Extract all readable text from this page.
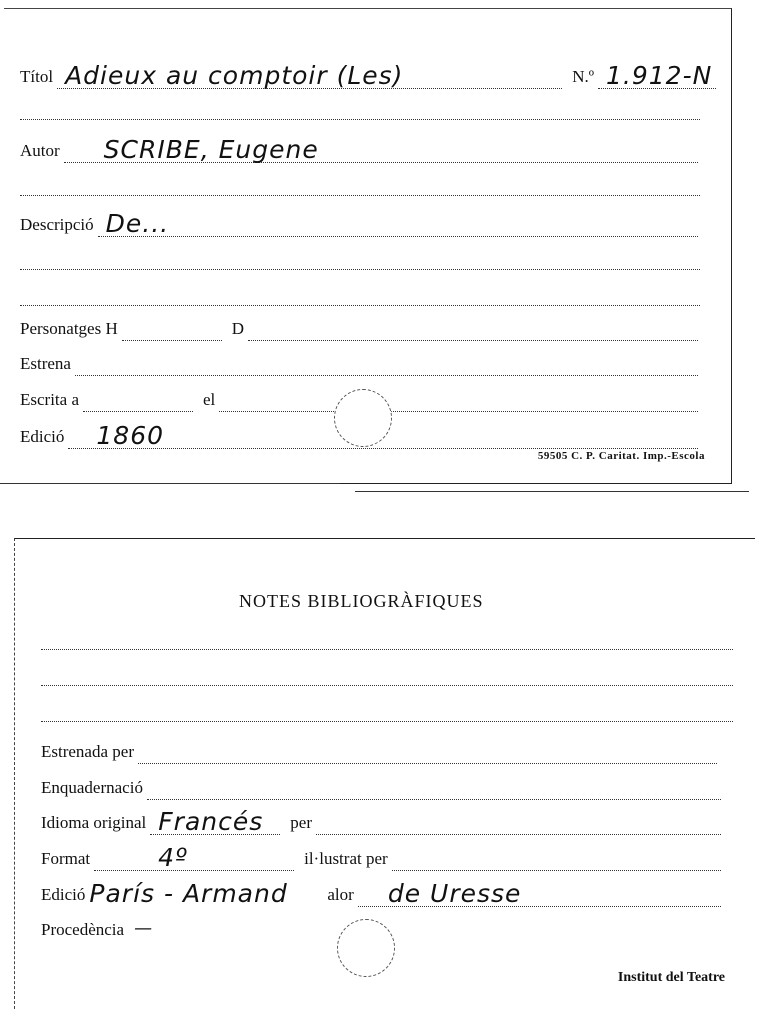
Títol Adieux au comptoir (Les)	N.º 1.912-N
Autor SCRIBE, Eugene
Descripció De...
Personatges H	D
Estrena
Escrita a	el
Edició 1860
59505 C. P. Caritat. Imp.-Escola
NOTES BIBLIOGRÀFIQUES
Estrenada per
Enquadernació
Idioma original Francés per
Format	4º	il·lustrat per
Edició París - Armand alor de Uresse
Procedència —
Institut del Teatre
